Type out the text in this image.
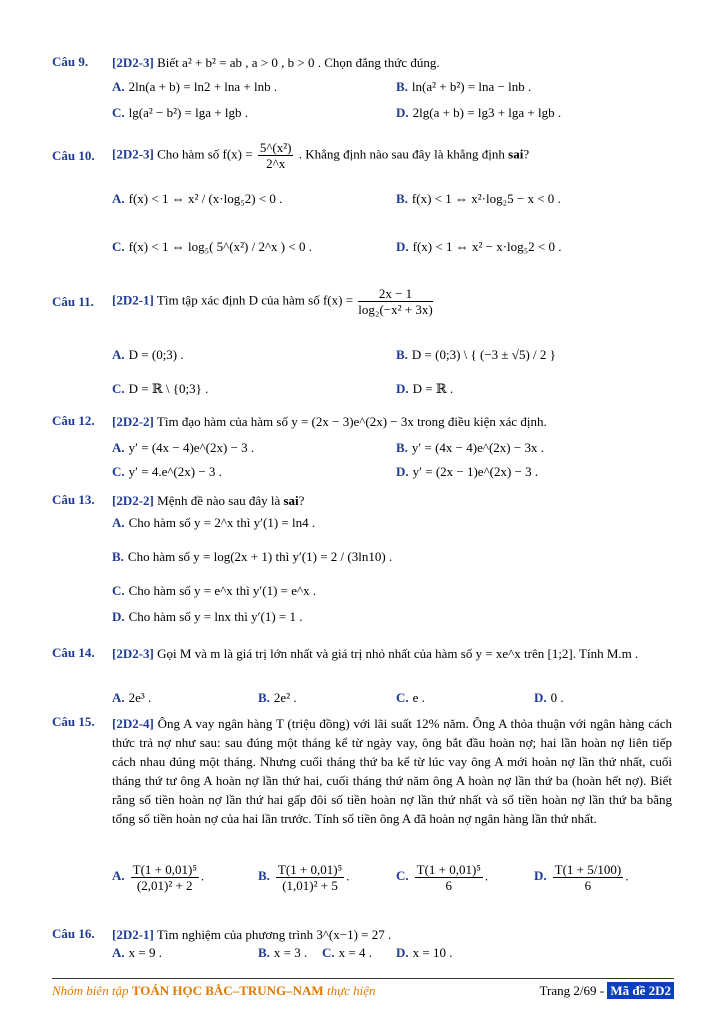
Câu 9. [2D2-3] Biết a² + b² = ab , a > 0 , b > 0 . Chọn đẳng thức đúng.
A. 2ln(a + b) = ln2 + lna + lnb .	B. ln(a² + b²) = lna − lnb .
C. lg(a² − b²) = lga + lgb .	D. 2lg(a + b) = lg3 + lga + lgb .
Câu 10. [2D2-3] Cho hàm số $f(x) = \frac{\text{5\textasciicircum{}(x²)}}{2\^{}x}$ . Khẳng định nào sau đây là khẳng định sai?
A. f(x) < 1 ⇔ x² / (x·log₅2) < 0 .	B. f(x) < 1 ⇔ x²·log₂5 − x < 0 .
C. f(x) < 1 ⇔ log₅( 5^(x²) / 2^x ) < 0 .	D. f(x) < 1 ⇔ x² − x·log₅2 < 0 .
Câu 11. [2D2-1] Tìm tập xác định D của hàm số $f(x) = \frac{2x - 1}{\text{log₂(−x² + 3x)}}$
A. D = (0;3) .	B. D = (0;3) \ { (−3 ± √5) / 2 }
C. D = ℝ \ {0;3} .	D. D = ℝ .
Câu 12. [2D2-2] Tìm đạo hàm của hàm số y = (2x − 3)e^(2x) − 3x trong điều kiện xác định.
A. y′ = (4x − 4)e^(2x) − 3 .	B. y′ = (4x − 4)e^(2x) − 3x .
C. y′ = 4.e^(2x) − 3 .	D. y′ = (2x − 1)e^(2x) − 3 .
Câu 13. [2D2-2] Mệnh đề nào sau đây là sai?
A. Cho hàm số y = 2^x thì y′(1) = ln4 .
B. Cho hàm số y = log(2x + 1) thì y′(1) = 2 / (3ln10) .
C. Cho hàm số y = e^x thì y′(1) = e^x .
D. Cho hàm số y = lnx thì y′(1) = 1 .
Câu 14. [2D2-3] Gọi M và m là giá trị lớn nhất và giá trị nhỏ nhất của hàm số y = xe^x trên [1;2]. Tính M.m .
A. 2e³ .	B. 2e² .	C. e .	D. 0 .
Câu 15. [2D2-4] Ông A vay ngân hàng T (triệu đồng) với lãi suất 12% năm. Ông A thỏa thuận với ngân hàng cách thức trả nợ như sau: sau đúng một tháng kể từ ngày vay, ông bắt đầu hoàn nợ; hai lần hoàn nợ liên tiếp cách nhau đúng một tháng. Nhưng cuối tháng thứ ba kể từ lúc vay ông A mới hoàn nợ lần thứ nhất, cuối tháng thứ tư ông A hoàn nợ lần thứ hai, cuối tháng thứ năm ông A hoàn nợ lần thứ ba (hoàn hết nợ). Biết rằng số tiền hoàn nợ lần thứ hai gấp đôi số tiền hoàn nợ lần thứ nhất và số tiền hoàn nợ lần thứ ba bằng tổng số tiền hoàn nợ của hai lần trước. Tính số tiền ông A đã hoàn nợ ngân hàng lần thứ nhất.
A. $\frac{\text{T(1 + 0,01)⁵}}{\text{(2,01)² + 2}}$ .	B. $\frac{\text{T(1 + 0,01)⁵}}{\text{(1,01)² + 5}}$ .	C. $\frac{\text{T(1 + 0,01)⁵}}{6}$ .	D. $\frac{T(1 + 5/100)}{6}$ .
Câu 16. [2D2-1] Tìm nghiệm của phương trình 3^(x−1) = 27 .
A. x = 9 .	B. x = 3 . C. x = 4 . D. x = 10 .
Nhóm biên tập TOÁN HỌC BẮC–TRUNG–NAM thực hiện	Trang 2/69 - Mã đề 2D2
